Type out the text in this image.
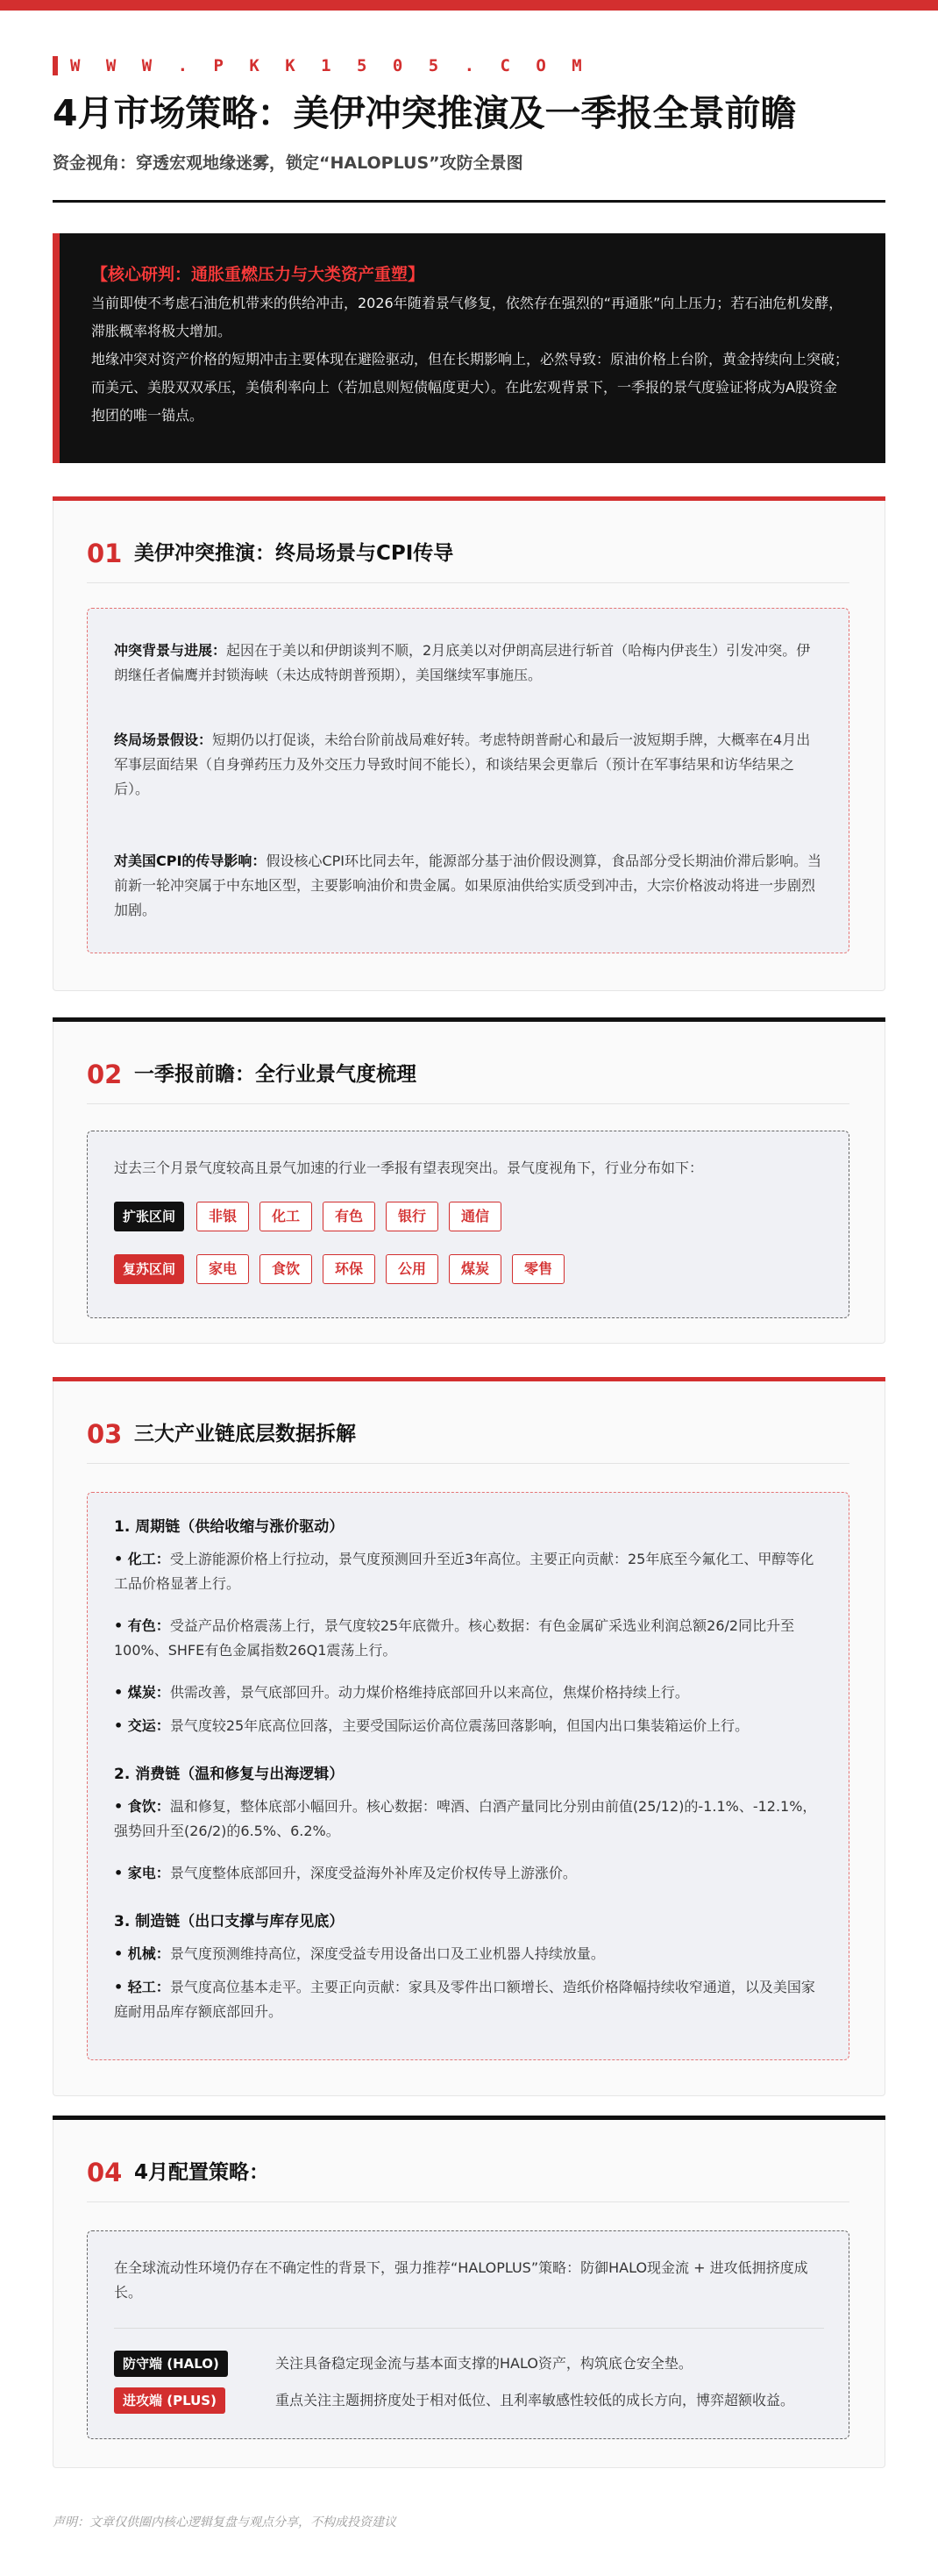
W W W . P K K 1 5 0 5 . C O M
4月市场策略：美伊冲突推演及一季报全景前瞻
资金视角：穿透宏观地缘迷雾，锁定“HALOPLUS”攻防全景图
【核心研判：通胀重燃压力与大类资产重塑】

当前即使不考虑石油危机带来的供给冲击，2026年随着景气修复，依然存在强烈的“再通胀”向上压力；若石油危机发酵，滞胀概率将极大增加。

地缘冲突对资产价格的短期冲击主要体现在避险驱动，但在长期影响上，必然导致：原油价格上台阶，黄金持续向上突破；而美元、美股双双承压，美债利率向上（若加息则短债幅度更大）。在此宏观背景下，一季报的景气度验证将成为A股资金抱团的唯一锚点。

01 美伊冲突推演：终局场景与CPI传导
冲突背景与进展：起因在于美以和伊朗谈判不顺，2月底美以对伊朗高层进行斩首（哈梅内伊丧生）引发冲突。伊朗继任者偏鹰并封锁海峡（未达成特朗普预期），美国继续军事施压。
终局场景假设：短期仍以打促谈，未给台阶前战局难好转。考虑特朗普耐心和最后一波短期手牌，大概率在4月出军事层面结果（自身弹药压力及外交压力导致时间不能长），和谈结果会更靠后（预计在军事结果和访华结果之后）。
对美国CPI的传导影响：假设核心CPI环比同去年，能源部分基于油价假设测算，食品部分受长期油价滞后影响。当前新一轮冲突属于中东地区型，主要影响油价和贵金属。如果原油供给实质受到冲击，大宗价格波动将进一步剧烈加剧。
02 一季报前瞻：全行业景气度梳理
过去三个月景气度较高且景气加速的行业一季报有望表现突出。景气度视角下，行业分布如下：
扩张区间	非银	化工	有色	银行	通信
复苏区间	家电	食饮	环保	公用	煤炭	零售
03 三大产业链底层数据拆解
1. 周期链（供给收缩与涨价驱动）
• 化工：受上游能源价格上行拉动，景气度预测回升至近3年高位。主要正向贡献：25年底至今氟化工、甲醇等化工品价格显著上行。
• 有色：受益产品价格震荡上行，景气度较25年底微升。核心数据：有色金属矿采选业利润总额26/2同比升至100%、SHFE有色金属指数26Q1震荡上行。
• 煤炭：供需改善，景气底部回升。动力煤价格维持底部回升以来高位，焦煤价格持续上行。
• 交运：景气度较25年底高位回落，主要受国际运价高位震荡回落影响，但国内出口集装箱运价上行。
2. 消费链（温和修复与出海逻辑）
• 食饮：温和修复，整体底部小幅回升。核心数据：啤酒、白酒产量同比分别由前值(25/12)的-1.1%、-12.1%，强势回升至(26/2)的6.5%、6.2%。
• 家电：景气度整体底部回升，深度受益海外补库及定价权传导上游涨价。
3. 制造链（出口支撑与库存见底）
• 机械：景气度预测维持高位，深度受益专用设备出口及工业机器人持续放量。
• 轻工：景气度高位基本走平。主要正向贡献：家具及零件出口额增长、造纸价格降幅持续收窄通道，以及美国家庭耐用品库存额底部回升。
04 4月配置策略：
在全球流动性环境仍存在不确定性的背景下，强力推荐“HALOPLUS”策略：防御HALO现金流 + 进攻低拥挤度成长。
防守端 (HALO)	关注具备稳定现金流与基本面支撑的HALO资产，构筑底仓安全垫。
进攻端 (PLUS)	重点关注主题拥挤度处于相对低位、且利率敏感性较低的成长方向，博弈超额收益。
声明：文章仅供圈内核心逻辑复盘与观点分享，不构成投资建议
